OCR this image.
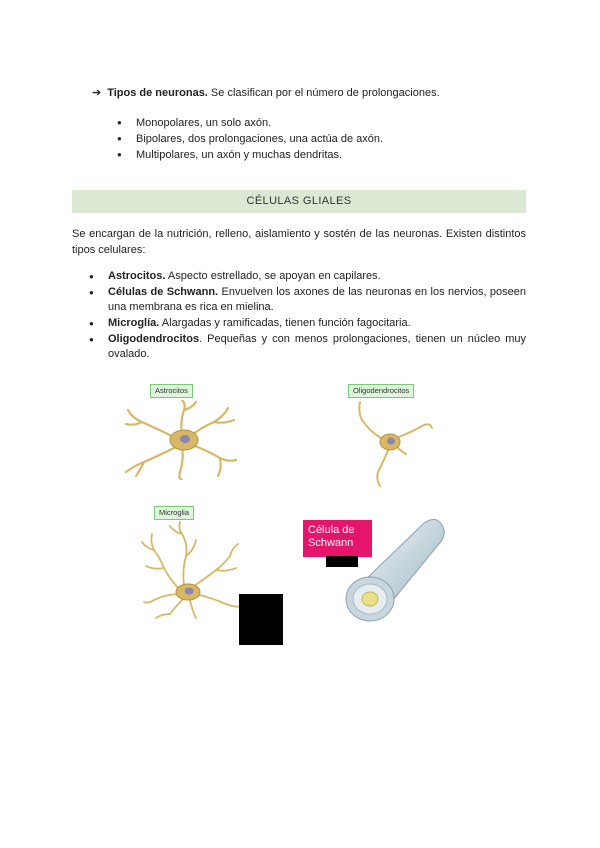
➔ Tipos de neuronas. Se clasifican por el número de prolongaciones.
● Monopolares, un solo axón.
● Bipolares, dos prolongaciones, una actúa de axón.
● Multipolares, un axón y muchas dendritas.
CÉLULAS GLIALES
Se encargan de la nutrición, relleno, aislamiento y sostén de las neuronas. Existen distintos tipos celulares:
● Astrocitos. Aspecto estrellado, se apoyan en capilares.
● Células de Schwann. Envuelven los axones de las neuronas en los nervios, poseen una membrana es rica en mielina.
● Microglía. Alargadas y ramificadas, tienen función fagocitaria.
● Oligodendrocitos. Pequeñas y con menos prolongaciones, tienen un núcleo muy ovalado.
Astrocitos	Oligodendrocitos
Microglia
Célula de Schwann
